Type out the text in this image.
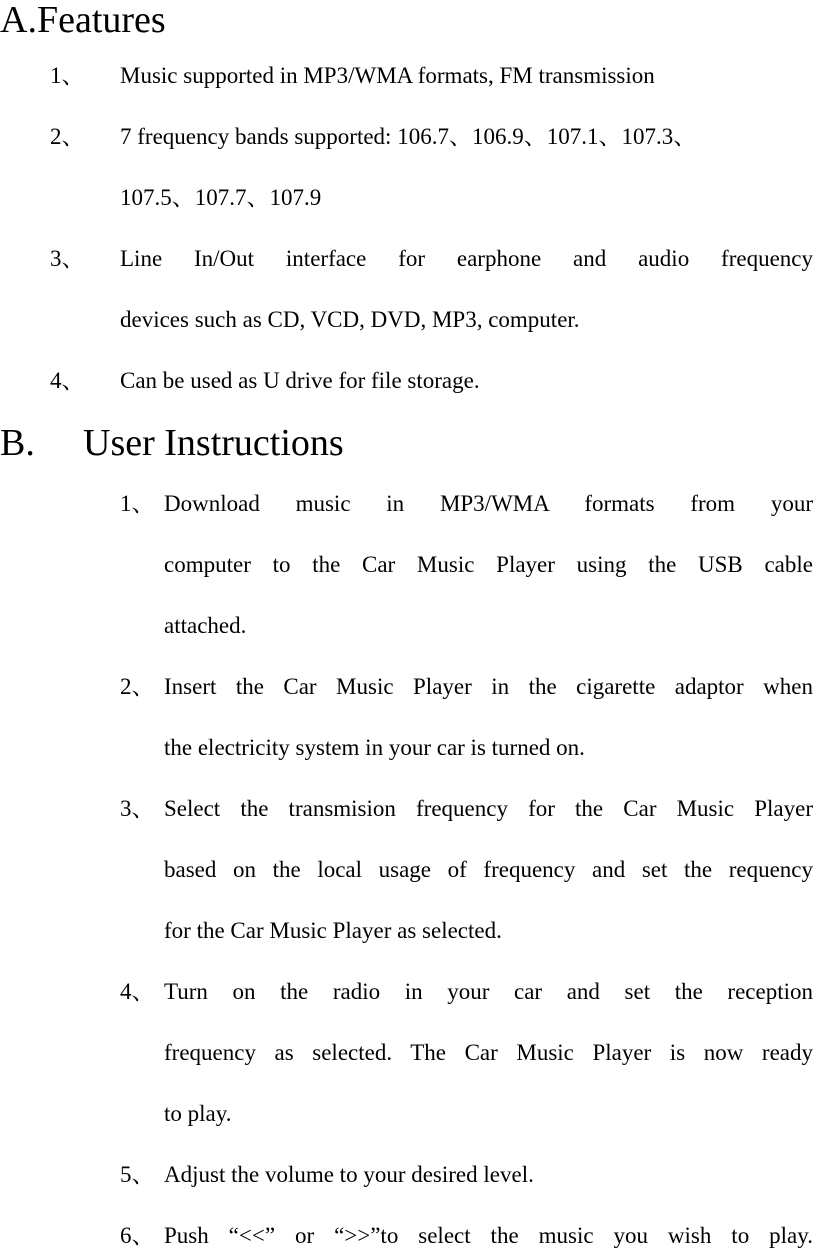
A.Features
1、 Music supported in MP3/WMA formats, FM transmission
2、 7 frequency bands supported: 106.7、106.9、107.1、107.3、
107.5、107.7、107.9
3、 Line In/Out interface for earphone and audio frequency
devices such as CD, VCD, DVD, MP3, computer.
4、 Can be used as U drive for file storage.
B. User Instructions
1、 Download music in MP3/WMA formats from your
computer to the Car Music Player using the USB cable
attached.
2、 Insert the Car Music Player in the cigarette adaptor when
the electricity system in your car is turned on.
3、 Select the transmision frequency for the Car Music Player
based on the local usage of frequency and set the requency
for the Car Music Player as selected.
4、 Turn on the radio in your car and set the reception
frequency as selected. The Car Music Player is now ready
to play.
5、 Adjust the volume to your desired level.
6、 Push “<<” or “>>”to select the music you wish to play.
